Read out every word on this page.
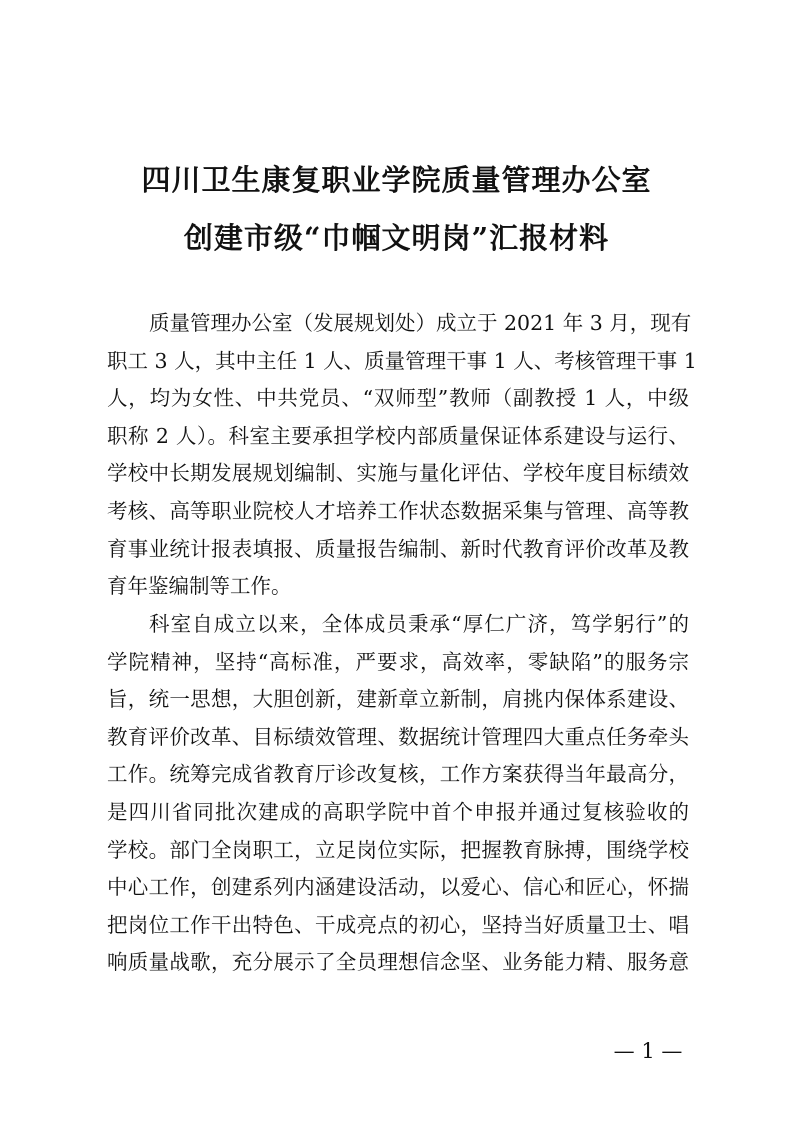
四川卫生康复职业学院质量管理办公室
创建市级“巾帼文明岗”汇报材料
质量管理办公室（发展规划处）成立于 2021 年 3 月，现有
职工 3 人，其中主任 1 人、质量管理干事 1 人、考核管理干事 1
人，均为女性、中共党员、“双师型”教师（副教授 1 人，中级
职称 2 人）。科室主要承担学校内部质量保证体系建设与运行、
学校中长期发展规划编制、实施与量化评估、学校年度目标绩效
考核、高等职业院校人才培养工作状态数据采集与管理、高等教
育事业统计报表填报、质量报告编制、新时代教育评价改革及教
育年鉴编制等工作。
科室自成立以来，全体成员秉承“厚仁广济，笃学躬行”的
学院精神，坚持“高标准，严要求，高效率，零缺陷”的服务宗
旨，统一思想，大胆创新，建新章立新制，肩挑内保体系建设、
教育评价改革、目标绩效管理、数据统计管理四大重点任务牵头
工作。统筹完成省教育厅诊改复核，工作方案获得当年最高分，
是四川省同批次建成的高职学院中首个申报并通过复核验收的
学校。部门全岗职工，立足岗位实际，把握教育脉搏，围绕学校
中心工作，创建系列内涵建设活动，以爱心、信心和匠心，怀揣
把岗位工作干出特色、干成亮点的初心，坚持当好质量卫士、唱
响质量战歌，充分展示了全员理想信念坚、业务能力精、服务意
— 1 —
